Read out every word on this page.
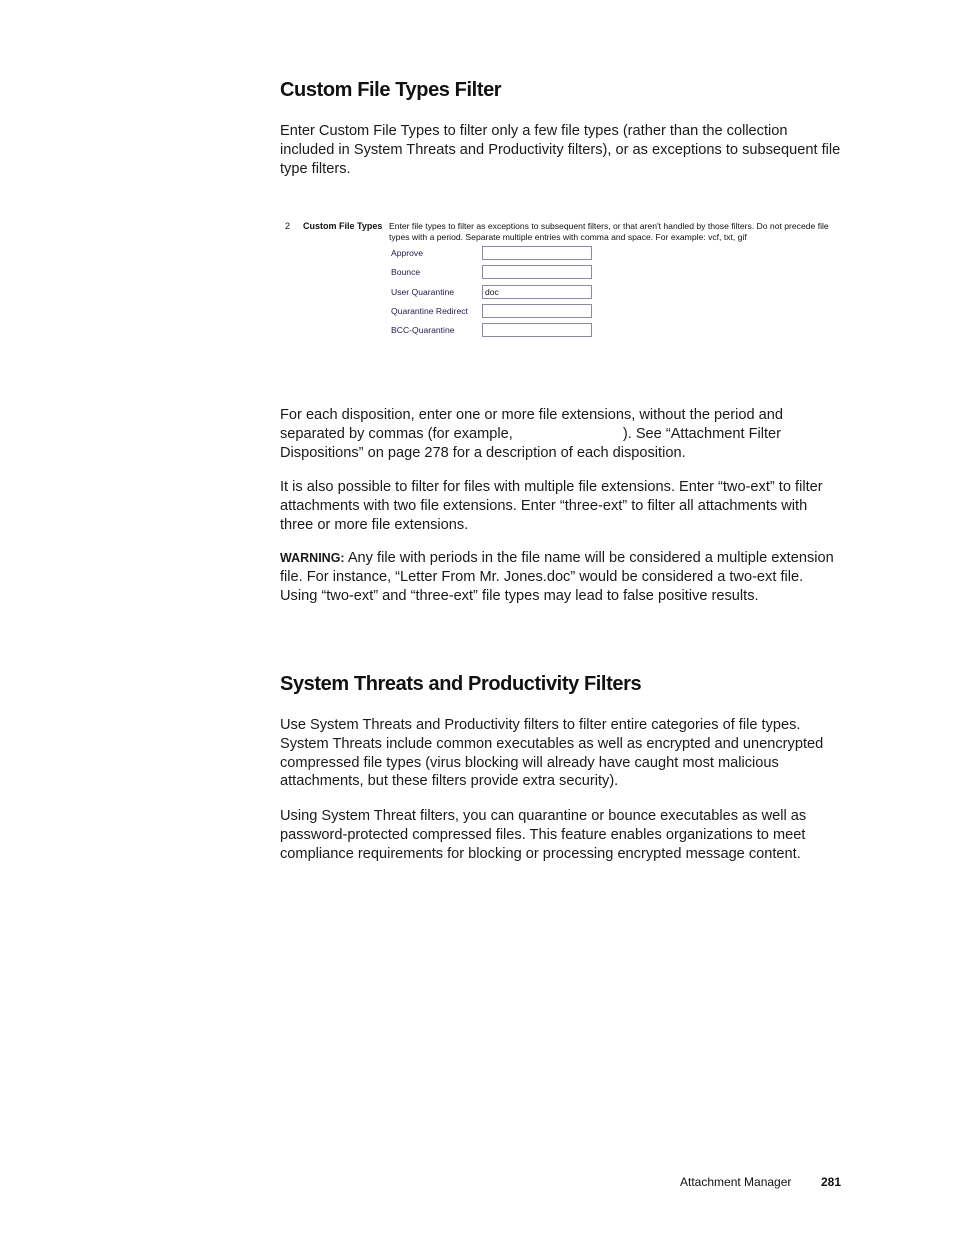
Custom File Types Filter

Enter Custom File Types to filter only a few file types (rather than the collection included in System Threats and Productivity filters), or as exceptions to subsequent file type filters.

2 Custom File Types Enter file types to filter as exceptions to subsequent filters, or that aren't handled by those filters. Do not precede file types with a period. Separate multiple entries with comma and space. For example: vcf, txt, gif
Approve
Bounce
User Quarantine	doc
Quarantine Redirect
BCC-Quarantine

For each disposition, enter one or more file extensions, without the period and separated by commas (for example,	). See “Attachment Filter Dispositions” on page 278 for a description of each disposition.

It is also possible to filter for files with multiple file extensions. Enter “two-ext” to filter attachments with two file extensions. Enter “three-ext” to filter all attachments with three or more file extensions.

WARNING: Any file with periods in the file name will be considered a multiple extension file. For instance, “Letter From Mr. Jones.doc” would be considered a two-ext file. Using “two-ext” and “three-ext” file types may lead to false positive results.

System Threats and Productivity Filters

Use System Threats and Productivity filters to filter entire categories of file types. System Threats include common executables as well as encrypted and unencrypted compressed file types (virus blocking will already have caught most malicious attachments, but these filters provide extra security).

Using System Threat filters, you can quarantine or bounce executables as well as password-protected compressed files. This feature enables organizations to meet compliance requirements for blocking or processing encrypted message content.

Attachment Manager 281
